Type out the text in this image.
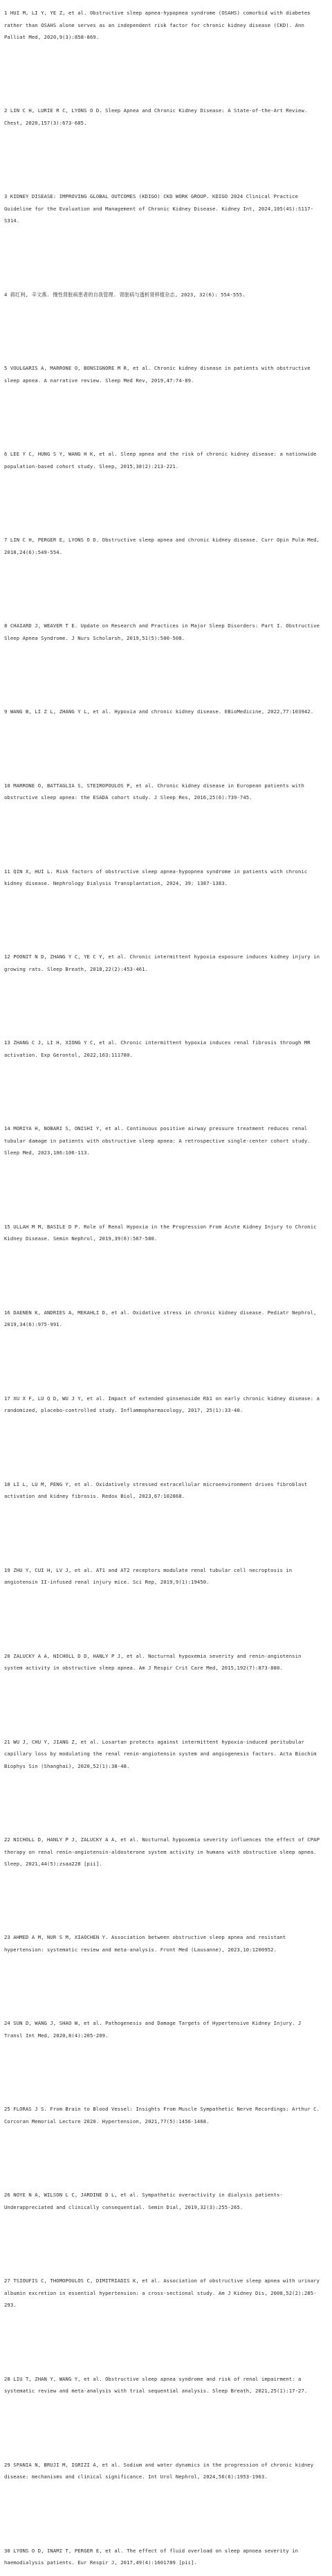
1 HUI M, LI Y, YE Z, et al. Obstructive sleep apnea-hypopnea syndrome (OSAHS) comorbid with diabetes rather than OSAHS alone serves as an independent risk factor for chronic kidney disease (CKD). Ann Palliat Med, 2020,9(3):858-869.

2 LIN C H, LURIE R C, LYONS O D. Sleep Apnea and Chronic Kidney Disease: A State-of-the-Art Review. Chest, 2020,157(3):673-685.

3 KIDNEY DISEASE: IMPROVING GLOBAL OUTCOMES (KDIGO) CKD WORK GROUP. KDIGO 2024 Clinical Practice Guideline for the Evaluation and Management of Chronic Kidney Disease. Kidney Int, 2024,105(4S):S117-S314.

4 蒋红利, 辛文燕. 慢性肾脏病患者的自我管理. 肾脏病与透析肾移植杂志, 2023, 32(6): 554-555.

5 VOULGARIS A, MARRONE O, BONSIGNORE M R, et al. Chronic kidney disease in patients with obstructive sleep apnea. A narrative review. Sleep Med Rev, 2019,47:74-89.

6 LEE Y C, HUNG S Y, WANG H K, et al. Sleep apnea and the risk of chronic kidney disease: a nationwide population-based cohort study. Sleep, 2015,38(2):213-221.

7 LIN C H, PERGER E, LYONS O D. Obstructive sleep apnea and chronic kidney disease. Curr Opin Pulm Med, 2018,24(6):549-554.

8 CHAIARD J, WEAVER T E. Update on Research and Practices in Major Sleep Disorders: Part I. Obstructive Sleep Apnea Syndrome. J Nurs Scholarsh, 2019,51(5):500-508.

9 WANG B, LI Z L, ZHANG Y L, et al. Hypoxia and chronic kidney disease. EBioMedicine, 2022,77:103942.

10 MARRONE O, BATTAGLIA S, STEIROPOULOS P, et al. Chronic kidney disease in European patients with obstructive sleep apnea: the ESADA cohort study. J Sleep Res, 2016,25(6):739-745.

11 QIN X, HUI L. Risk factors of obstructive sleep apnea-hypopnea syndrome in patients with chronic kidney disease. Nephrology Dialysis Transplantation, 2024, 39: 1387-1383.

12 POONIT N D, ZHANG Y C, YE C Y, et al. Chronic intermittent hypoxia exposure induces kidney injury in growing rats. Sleep Breath, 2018,22(2):453-461.

13 ZHANG C J, LI H, XIONG Y C, et al. Chronic intermittent hypoxia induces renal fibrosis through MR activation. Exp Gerontol, 2022,163:111780.

14 MORIYA H, NOBARI S, ONISHI Y, et al. Continuous positive airway pressure treatment reduces renal tubular damage in patients with obstructive sleep apnea: A retrospective single-center cohort study. Sleep Med, 2023,106:106-113.

15 ULLAH M M, BASILE D P. Role of Renal Hypoxia in the Progression From Acute Kidney Injury to Chronic Kidney Disease. Semin Nephrol, 2019,39(6):567-580.

16 DAENEN K, ANDRIES A, MEKAHLI D, et al. Oxidative stress in chronic kidney disease. Pediatr Nephrol, 2019,34(6):975-991.

17 XU X F, LU Q D, WU J Y, et al. Impact of extended ginsenoside Rb1 on early chronic kidney disease: a randomized, placebo-controlled study. Inflammopharmacology, 2017, 25(1):33-40.

18 LI L, LU M, PENG Y, et al. Oxidatively stressed extracellular microenvironment drives fibroblast activation and kidney fibrosis. Redox Biol, 2023,67:102868.

19 ZHU Y, CUI H, LV J, et al. AT1 and AT2 receptors modulate renal tubular cell necroptosis in angiotensin II-infused renal injury mice. Sci Rep, 2019,9(1):19450.

20 ZALUCKY A A, NICHOLL D D, HANLY P J, et al. Nocturnal hypoxemia severity and renin-angiotensin system activity in obstructive sleep apnea. Am J Respir Crit Care Med, 2015,192(7):873-880.

21 WU J, CHU Y, JIANG Z, et al. Losartan protects against intermittent hypoxia-induced peritubular capillary loss by modulating the renal renin-angiotensin system and angiogenesis factors. Acta Biochim Biophys Sin (Shanghai), 2020,52(1):38-48.

22 NICHOLL D, HANLY P J, ZALUCKY A A, et al. Nocturnal hypoxemia severity influences the effect of CPAP therapy on renal renin-angiotensin-aldosterone system activity in humans with obstructive sleep apnea. Sleep, 2021,44(5):zsaa228 [pii].

23 AHMED A M, NUR S M, XIAOCHEN Y. Association between obstructive sleep apnea and resistant hypertension: systematic review and meta-analysis. Front Med (Lausanne), 2023,10:1200952.

24 SUN D, WANG J, SHAO W, et al. Pathogenesis and Damage Targets of Hypertensive Kidney Injury. J Transl Int Med, 2020,8(4):205-209.

25 FLORAS J S. From Brain to Blood Vessel: Insights From Muscle Sympathetic Nerve Recordings: Arthur C. Corcoran Memorial Lecture 2020. Hypertension, 2021,77(5):1456-1468.

26 NOYE N A, WILSON L C, JARDINE D L, et al. Sympathetic overactivity in dialysis patients-Underappreciated and clinically consequential. Semin Dial, 2019,32(3):255-265.

27 TSIOUFIS C, THOMOPOULOS C, DIMITRIADIS K, et al. Association of obstructive sleep apnea with urinary albumin excretion in essential hypertension: a cross-sectional study. Am J Kidney Dis, 2008,52(2):285-293.

28 LIU T, ZHAN Y, WANG Y, et al. Obstructive sleep apnea syndrome and risk of renal impairment: a systematic review and meta-analysis with trial sequential analysis. Sleep Breath, 2021,25(1):17-27.

29 SPANIA N, BRUJI M, IGRIZI A, et al. Sodium and water dynamics in the progression of chronic kidney disease: mechanisms and clinical significance. Int Urol Nephrol, 2024,56(6):1953-1963.

30 LYONS O D, INAMI T, PERGER E, et al. The effect of fluid overload on sleep apnoea severity in haemodialysis patients. Eur Respir J, 2017,49(4):1601789 [pii].
